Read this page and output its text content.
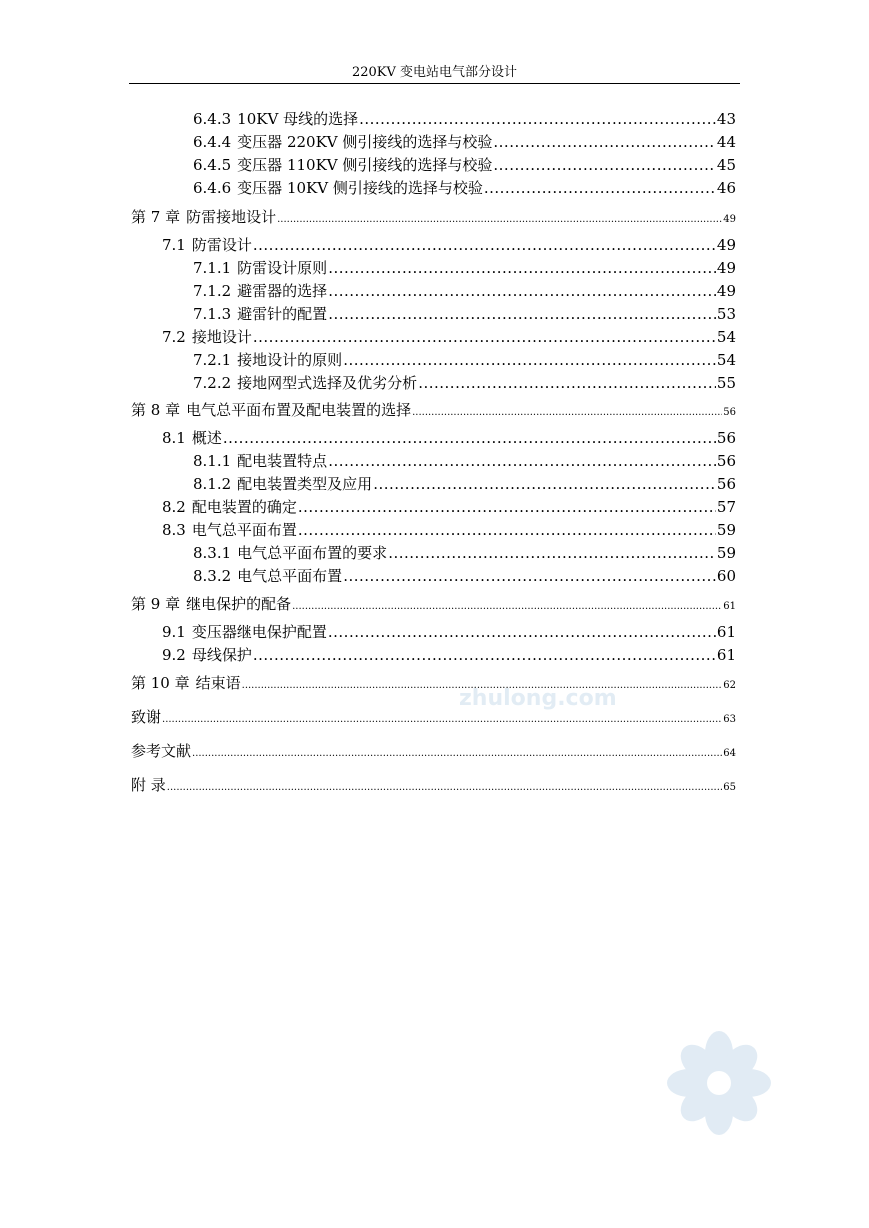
220KV 变电站电气部分设计
6.4.3 10KV 母线的选择 .....	43
6.4.4 变压器 220KV 侧引接线的选择与校验 .....	44
6.4.5 变压器 110KV 侧引接线的选择与校验 .....	45
6.4.6 变压器 10KV 侧引接线的选择与校验 .....	46
第 7 章 防雷接地设计 .....	49
7.1 防雷设计 .....	49
7.1.1 防雷设计原则 .....	49
7.1.2 避雷器的选择 .....	49
7.1.3 避雷针的配置 .....	53
7.2 接地设计 .....	54
7.2.1 接地设计的原则 .....	54
7.2.2 接地网型式选择及优劣分析 .....	55
第 8 章 电气总平面布置及配电装置的选择 .....	56
8.1 概述 .....	56
8.1.1 配电装置特点 .....	56
8.1.2 配电装置类型及应用 .....	56
8.2 配电装置的确定 .....	57
8.3 电气总平面布置 .....	59
8.3.1 电气总平面布置的要求 .....	59
8.3.2 电气总平面布置 .....	60
第 9 章 继电保护的配备 .....	61
9.1 变压器继电保护配置 .....	61
9.2 母线保护 .....	61
第 10 章 结束语 .....	62
致谢 .....	63
参考文献 .....	64
附 录 .....	65
zhulong.com
